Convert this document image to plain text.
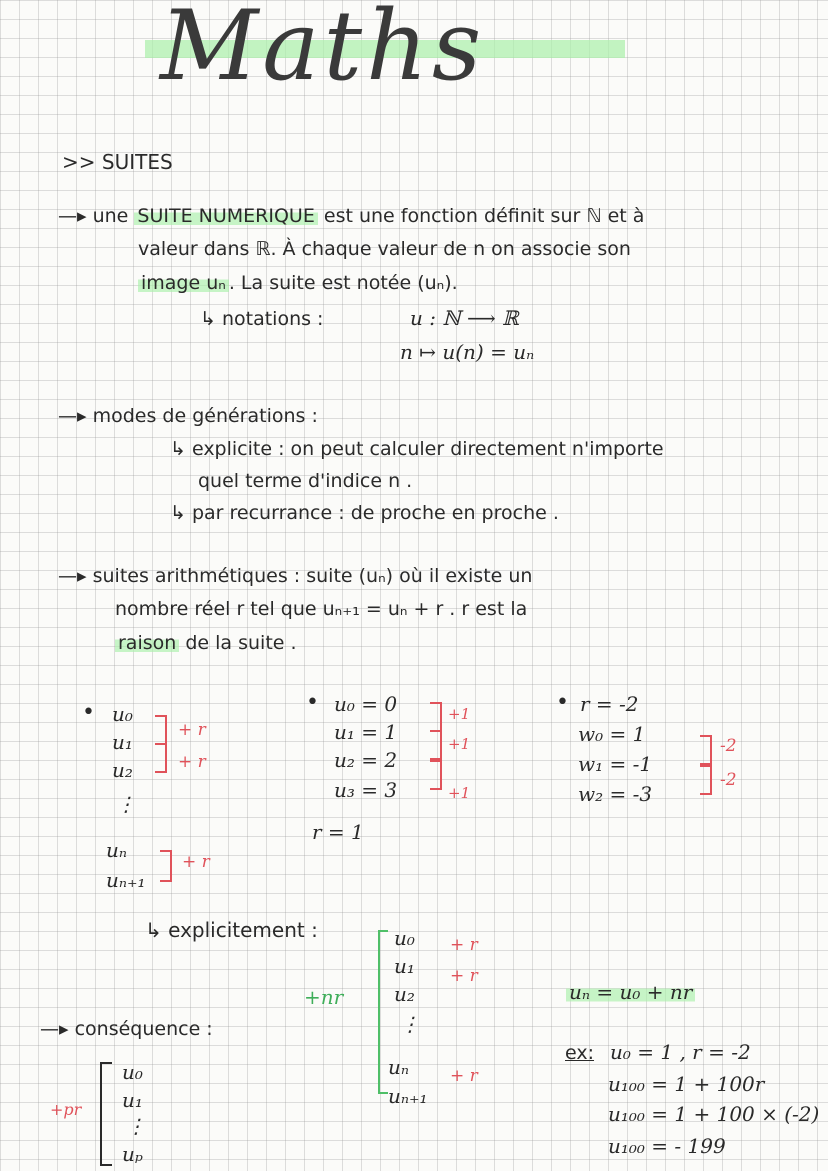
Maths
>> SUITES
—▸ une SUITE NUMERIQUE est une fonction définit sur ℕ et à
valeur dans ℝ. À chaque valeur de n on associe son
image uₙ . La suite est notée (uₙ).
↳ notations :	u : ℕ ⟶ ℝ
n ↦ u(n) = uₙ
—▸ modes de générations :
↳ explicite : on peut calculer directement n'importe
quel terme d'indice n .
↳ par recurrance : de proche en proche .
—▸ suites arithmétiques : suite (uₙ) où il existe un
nombre réel r tel que uₙ₊₁ = uₙ + r . r est la
raison de la suite .
• u₀
u₁
u₂
⋮
uₙ
uₙ₊₁
+ r
+ r
+ r
• u₀ = 0
u₁ = 1
u₂ = 2
u₃ = 3
+1
+1
+1
r = 1
• r = -2
w₀ = 1
w₁ = -1
w₂ = -3
-2
-2
↳ explicitement :
+nr
u₀
u₁
u₂
⋮
uₙ
uₙ₊₁
+ r
+ r
+ r
uₙ = u₀ + nr
—▸ conséquence :
+pr
u₀
u₁
⋮
uₚ
ex: u₀ = 1 , r = -2
u₁₀₀ = 1 + 100r
u₁₀₀ = 1 + 100 × (-2)
u₁₀₀ = - 199
